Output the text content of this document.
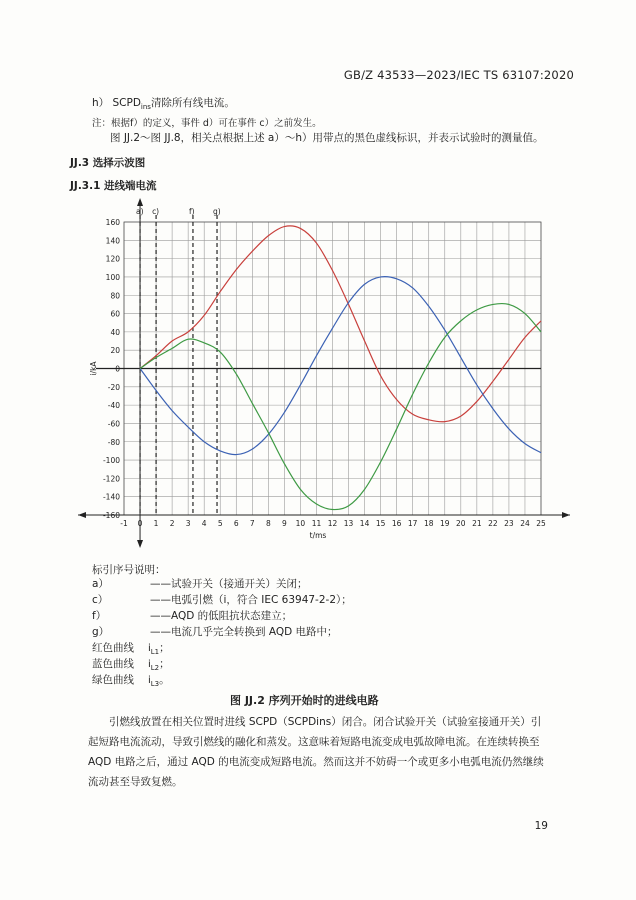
GB/Z 43533—2023/IEC TS 63107:2020
h） $SCPD_{ins}$清除所有线电流。
注：根据f）的定义，事件 d）可在事件 c）之前发生。
图 JJ.2～图 JJ.8，相关点根据上述 a）～h）用带点的黑色虚线标识，并表示试验时的测量值。
JJ.3 选择示波图
JJ.3.1 进线端电流
a) c)	f) g)
-1 0 1 2 3 4 5 6 7 8 9 10 11 12 13 14 15 16 17 18 19 20 21 22 23 24 25
160
140
120
100
80
60
40
20
0
-20
-40
-60
-80
-100
-120
-140
-160
t/ms
i/kA
标引序号说明：
a）	——试验开关（接通开关）关闭；
c）	——电弧引燃（i，符合 IEC 63947-2-2）；
f）	——AQD 的低阻抗状态建立；
g）	——电流几乎完全转换到 AQD 电路中；
红色曲线 $i_{L1}$；
蓝色曲线 $i_{L2}$；
绿色曲线 $i_{L3}$。
图 JJ.2 序列开始时的进线电路
引燃线放置在相关位置时进线 SCPD（SCPDins）闭合。闭合试验开关（试验室接通开关）引起短路电流流动，导致引燃线的融化和蒸发。这意味着短路电流变成电弧故障电流。在连续转换至 AQD 电路之后，通过 AQD 的电流变成短路电流。然而这并不妨碍一个或更多小电弧电流仍然继续流动甚至导致复燃。
19
